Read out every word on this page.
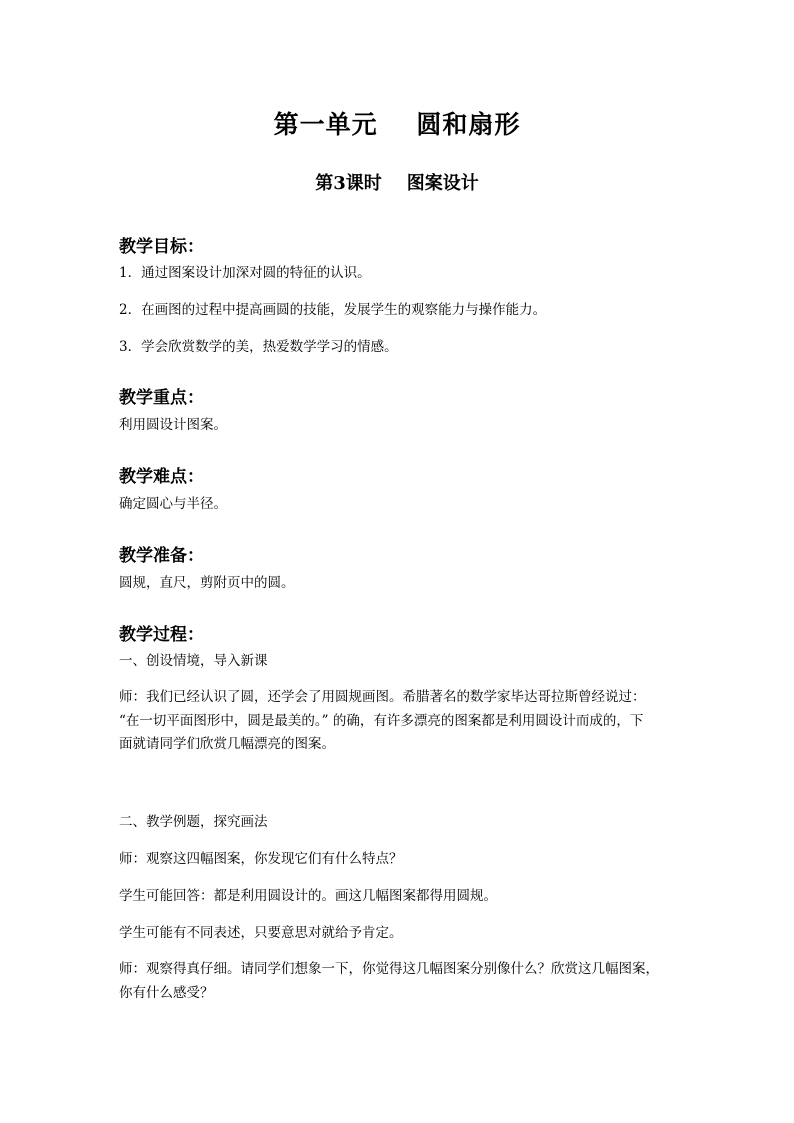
第一单元    圆和扇形
第3课时    图案设计
教学目标：
1．通过图案设计加深对圆的特征的认识。
2．在画图的过程中提高画圆的技能，发展学生的观察能力与操作能力。
3．学会欣赏数学的美，热爱数学学习的情感。
教学重点：
利用圆设计图案。
教学难点：
确定圆心与半径。
教学准备：
圆规，直尺，剪附页中的圆。
教学过程：
一、创设情境，导入新课
师：我们已经认识了圆，还学会了用圆规画图。希腊著名的数学家毕达哥拉斯曾经说过：
“在一切平面图形中，圆是最美的。” 的确，有许多漂亮的图案都是利用圆设计而成的，下
面就请同学们欣赏几幅漂亮的图案。
二、教学例题，探究画法
师：观察这四幅图案，你发现它们有什么特点？
学生可能回答：都是利用圆设计的。画这几幅图案都得用圆规。
学生可能有不同表述，只要意思对就给予肯定。
师：观察得真仔细。请同学们想象一下，你觉得这几幅图案分别像什么？欣赏这几幅图案，
你有什么感受？
